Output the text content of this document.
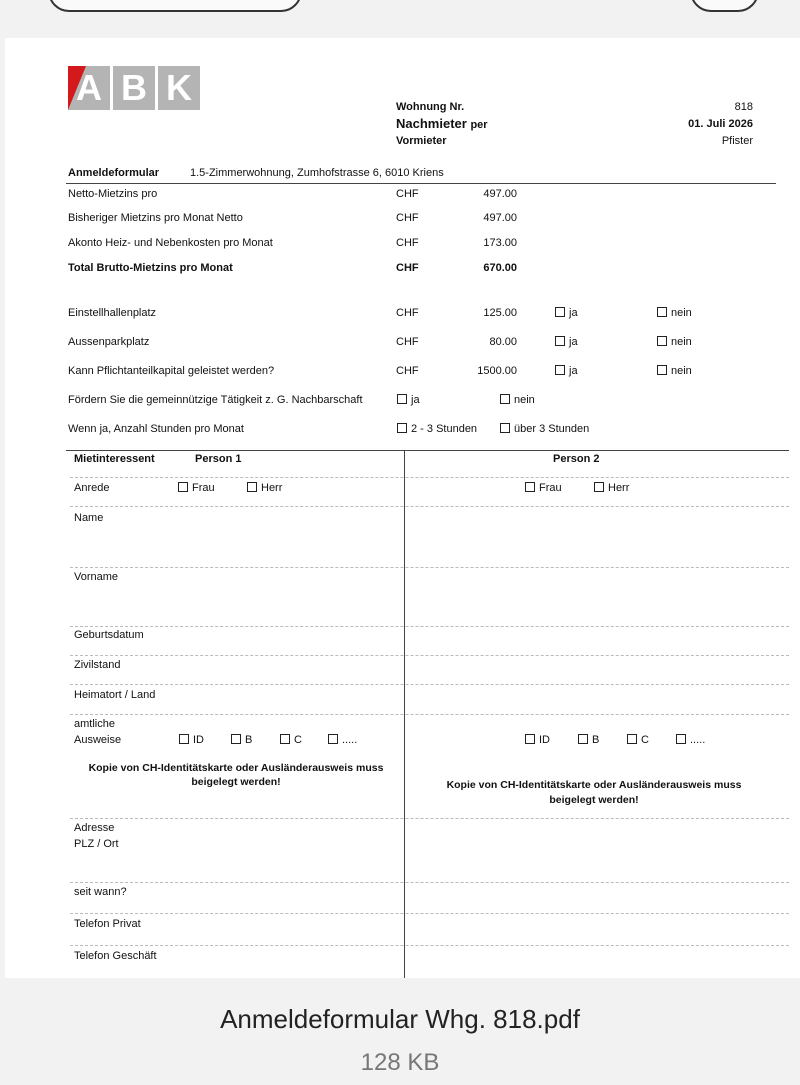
A B K	Wohnung Nr.	818
Nachmieter per	01. Juli 2026
Vormieter	Pfister
Anmeldeformular	1.5-Zimmerwohnung, Zumhofstrasse 6, 6010 Kriens
Netto-Mietzins pro	CHF	497.00
Bisheriger Mietzins pro Monat Netto	CHF	497.00
Akonto Heiz- und Nebenkosten pro Monat	CHF	173.00
Total Brutto-Mietzins pro Monat	CHF	670.00
Einstellhallenplatz	CHF	125.00	ja	nein
Aussenparkplatz	CHF	80.00	ja	nein
Kann Pflichtanteilkapital geleistet werden?	CHF	1500.00	ja	nein
Fördern Sie die gemeinnützige Tätigkeit z. G. Nachbarschaft	ja	nein
Wenn ja, Anzahl Stunden pro Monat	2 - 3 Stunden	über 3 Stunden
Mietinteressent	Person 1	Person 2
Anrede	Frau	Herr	Frau	Herr
Name
Vorname
Geburtsdatum
Zivilstand
Heimatort / Land
amtliche
Ausweise	ID	B	C	.....	ID	B	C	.....
Kopie von CH-Identitätskarte oder Ausländerausweis muss
beigelegt werden!	Kopie von CH-Identitätskarte oder Ausländerausweis muss
beigelegt werden!
Adresse
PLZ / Ort
seit wann?
Telefon Privat
Telefon Geschäft
Anmeldeformular Whg. 818.pdf
128 KB
